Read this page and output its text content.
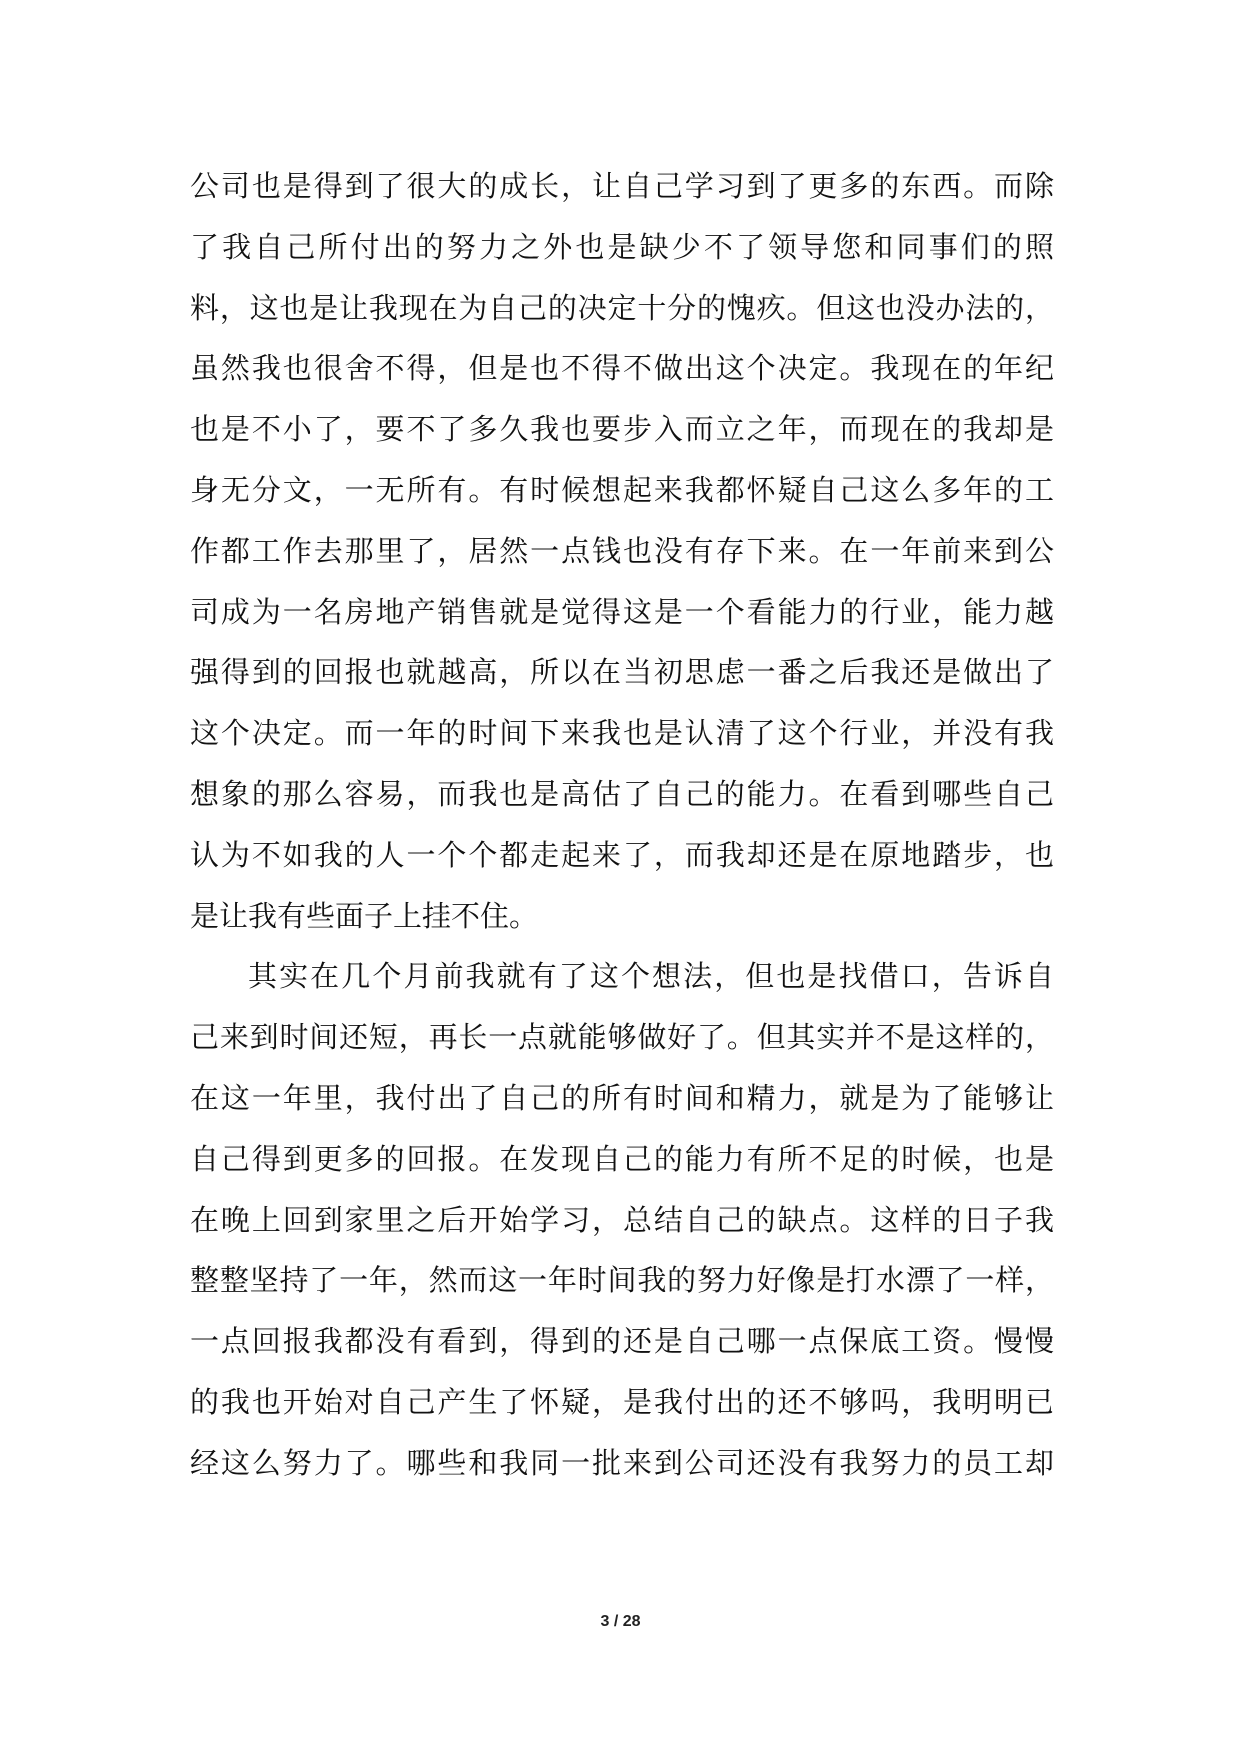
公司也是得到了很大的成长，让自己学习到了更多的东西。而除
了我自己所付出的努力之外也是缺少不了领导您和同事们的照
料，这也是让我现在为自己的决定十分的愧疚。但这也没办法的，
虽然我也很舍不得，但是也不得不做出这个决定。我现在的年纪
也是不小了，要不了多久我也要步入而立之年，而现在的我却是
身无分文，一无所有。有时候想起来我都怀疑自己这么多年的工
作都工作去那里了，居然一点钱也没有存下来。在一年前来到公
司成为一名房地产销售就是觉得这是一个看能力的行业，能力越
强得到的回报也就越高，所以在当初思虑一番之后我还是做出了
这个决定。而一年的时间下来我也是认清了这个行业，并没有我
想象的那么容易，而我也是高估了自己的能力。在看到哪些自己
认为不如我的人一个个都走起来了，而我却还是在原地踏步，也
是让我有些面子上挂不住。
其实在几个月前我就有了这个想法，但也是找借口，告诉自
己来到时间还短，再长一点就能够做好了。但其实并不是这样的，
在这一年里，我付出了自己的所有时间和精力，就是为了能够让
自己得到更多的回报。在发现自己的能力有所不足的时候，也是
在晚上回到家里之后开始学习，总结自己的缺点。这样的日子我
整整坚持了一年，然而这一年时间我的努力好像是打水漂了一样，
一点回报我都没有看到，得到的还是自己哪一点保底工资。慢慢
的我也开始对自己产生了怀疑，是我付出的还不够吗，我明明已
经这么努力了。哪些和我同一批来到公司还没有我努力的员工却
3 / 28
